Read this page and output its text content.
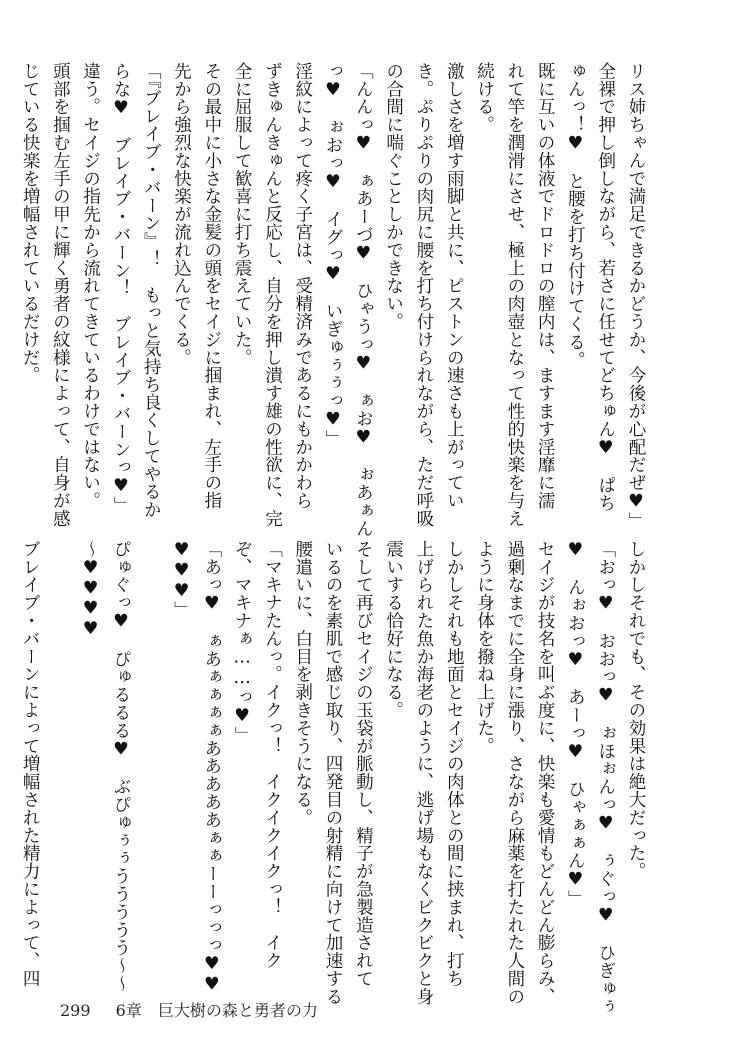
リス姉ちゃんで満足できるかどうか、今後が心配だぜ♥」
全裸で押し倒しながら、若さに任せてどちゅん♥　ぱち
ゅんっ！♥　と腰を打ち付けてくる。
既に互いの体液でドロドロの膣内は、ますます淫靡に濡
れて竿を潤滑にさせ、極上の肉壺となって性的快楽を与え
続ける。
激しさを増す雨脚と共に、ピストンの速さも上がってい
き。ぷりぷりの肉尻に腰を打ち付けられながら、ただ呼吸
の合間に喘ぐことしかできない。
「んんっ♥　ぁあーづ♥　ひゃうっ♥　ぁお♥　ぉあぁん
っ♥　ぉおっ♥　イグっ♥　いぎゅぅぅっ♥」
淫紋によって疼く子宮は、受精済みであるにもかかわら
ずきゅんきゅんと反応し、自分を押し潰す雄の性欲に、完
全に屈服して歓喜に打ち震えていた。
その最中に小さな金髪の頭をセイジに掴まれ、左手の指
先から強烈な快楽が流れ込んでくる。
「『ブレイブ・バーン』！　もっと気持ち良くしてやるか
らな♥　ブレイブ・バーン！　ブレイブ・バーンっ♥」
違う。セイジの指先から流れてきているわけではない。
頭部を掴む左手の甲に輝く勇者の紋様によって、自身が感
じている快楽を増幅されているだけだ。
しかしそれでも、その効果は絶大だった。
「おっ♥　おおっ♥　ぉほぉんっ♥　ぅぐっ♥　ひぎゅぅ
♥　んぉおっ♥　あーっ♥　ひゃぁぁん♥」
セイジが技名を叫ぶ度に、快楽も愛情もどんどん膨らみ、
過剰なまでに全身に漲り、さながら麻薬を打たれた人間の
ように身体を撥ね上げた。
しかしそれも地面とセイジの肉体との間に挟まれ、打ち
上げられた魚か海老のように、逃げ場もなくビクビクと身
震いする恰好になる。
そして再びセイジの玉袋が脈動し、精子が急製造されて
いるのを素肌で感じ取り、四発目の射精に向けて加速する
腰遣いに、白目を剥きそうになる。
「マキナたんっ。イクっ！　イクイクイクっ！　イク
ぞ、マキナぁ……っ♥」
「あっ♥　ぁあぁぁぁぁあああああぁぁーーっっっ♥♥
♥♥♥」

ぴゅぐっ♥　ぴゅるるる♥　ぶぴゅぅぅううううう〜〜
〜♥♥♥♥

ブレイブ・バーンによって増幅された精力によって、四
299 6章　巨大樹の森と勇者の力
